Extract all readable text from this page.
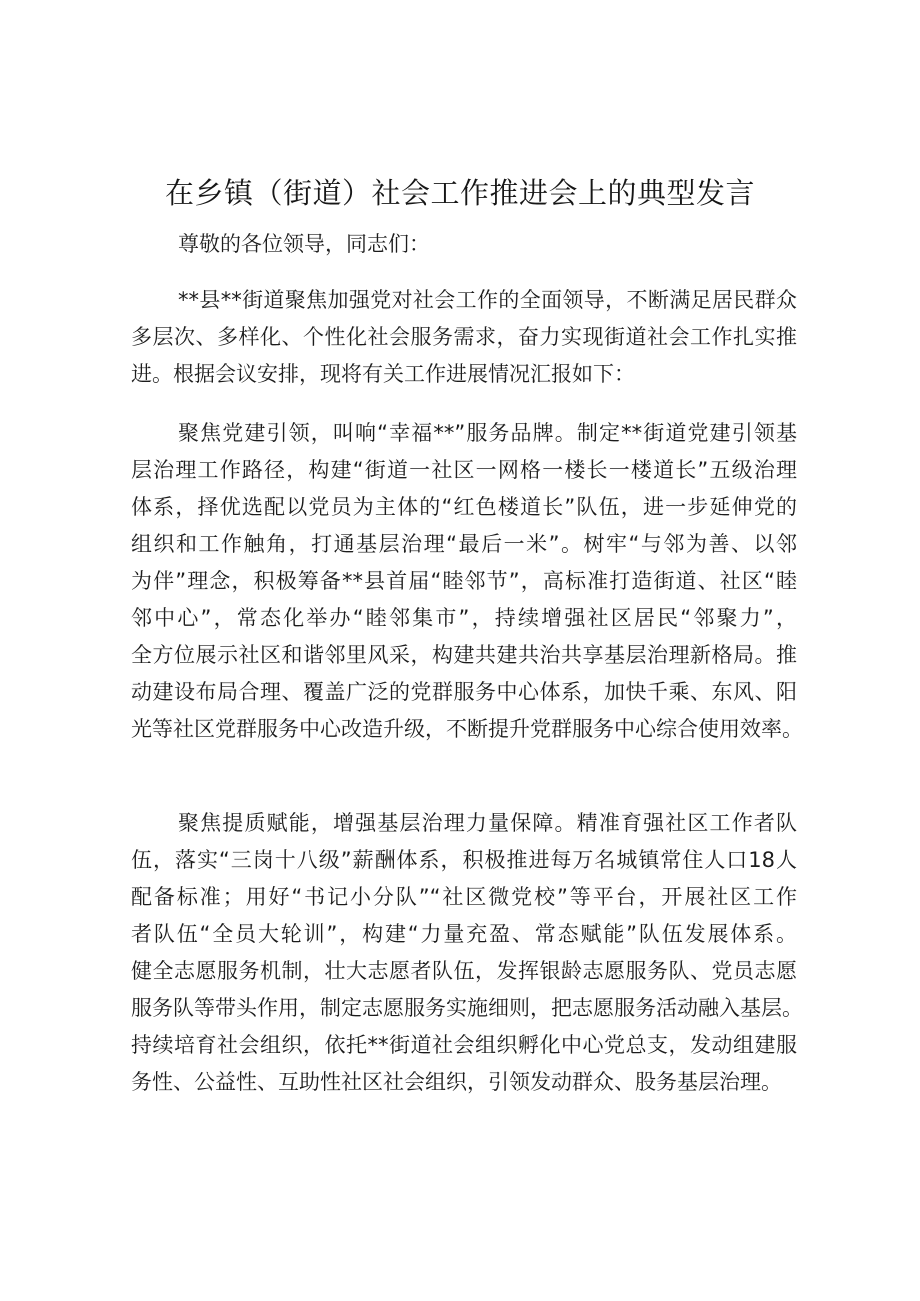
在乡镇（街道）社会工作推进会上的典型发言
尊敬的各位领导，同志们：
**县**街道聚焦加强党对社会工作的全面领导，不断满足居民群众
多层次、多样化、个性化社会服务需求，奋力实现街道社会工作扎实推
进。根据会议安排，现将有关工作进展情况汇报如下：
聚焦党建引领，叫响“幸福**”服务品牌。制定**街道党建引领基
层治理工作路径，构建“街道一社区一网格一楼长一楼道长”五级治理
体系，择优选配以党员为主体的“红色楼道长”队伍，进一步延伸党的
组织和工作触角，打通基层治理“最后一米”。树牢“与邻为善、以邻
为伴”理念，积极筹备**县首届“睦邻节”，高标准打造街道、社区“睦
邻中心”，常态化举办“睦邻集市”，持续增强社区居民“邻聚力”，
全方位展示社区和谐邻里风采，构建共建共治共享基层治理新格局。推
动建设布局合理、覆盖广泛的党群服务中心体系，加快千乘、东风、阳
光等社区党群服务中心改造升级，不断提升党群服务中心综合使用效率。
聚焦提质赋能，增强基层治理力量保障。精准育强社区工作者队
伍，落实“三岗十八级”薪酬体系，积极推进每万名城镇常住人口18人
配备标准；用好“书记小分队”“社区微党校”等平台，开展社区工作
者队伍“全员大轮训”，构建“力量充盈、常态赋能”队伍发展体系。
健全志愿服务机制，壮大志愿者队伍，发挥银龄志愿服务队、党员志愿
服务队等带头作用，制定志愿服务实施细则，把志愿服务活动融入基层。
持续培育社会组织，依托**街道社会组织孵化中心党总支，发动组建服
务性、公益性、互助性社区社会组织，引领发动群众、股务基层治理。
